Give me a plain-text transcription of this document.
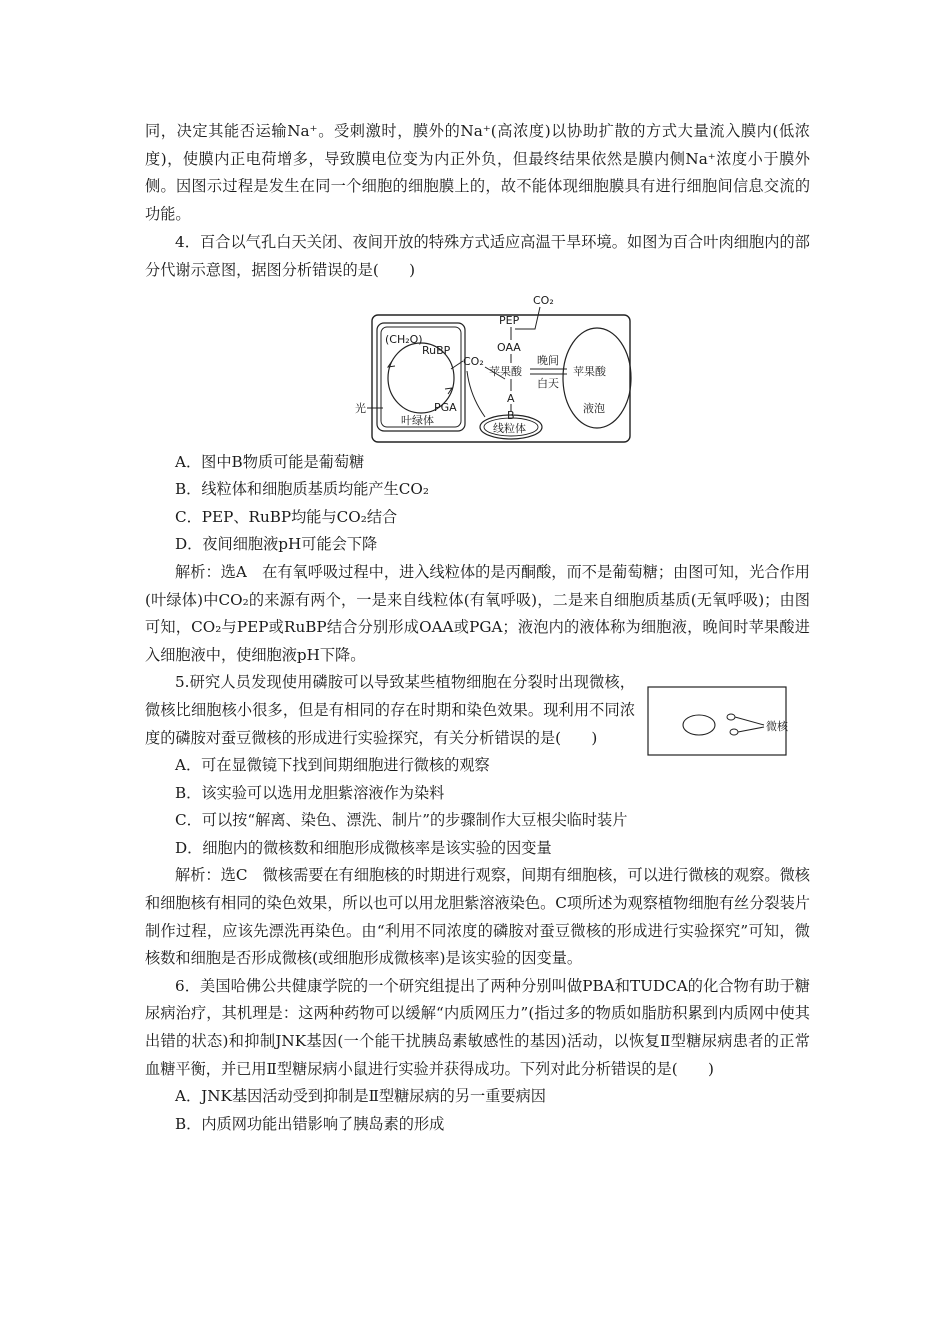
同，决定其能否运输Na⁺。受刺激时，膜外的Na⁺(高浓度)以协助扩散的方式大量流入膜内(低浓度)，使膜内正电荷增多，导致膜电位变为内正外负，但最终结果依然是膜内侧Na⁺浓度小于膜外侧。因图示过程是发生在同一个细胞的细胞膜上的，故不能体现细胞膜具有进行细胞间信息交流的功能。

4．百合以气孔白天关闭、夜间开放的特殊方式适应高温干旱环境。如图为百合叶肉细胞内的部分代谢示意图，据图分析错误的是(　　)

(CH₂O)
RuBP
PGA
叶绿体
光
CO₂
CO₂
PEP
OAA
苹果酸
晚间
白天
苹果酸
液泡
A
B
线粒体

A．图中B物质可能是葡萄糖

B．线粒体和细胞质基质均能产生CO₂

C．PEP、RuBP均能与CO₂结合

D．夜间细胞液pH可能会下降

解析：选A　在有氧呼吸过程中，进入线粒体的是丙酮酸，而不是葡萄糖；由图可知，光合作用(叶绿体)中CO₂的来源有两个，一是来自线粒体(有氧呼吸)，二是来自细胞质基质(无氧呼吸)；由图可知，CO₂与PEP或RuBP结合分别形成OAA或PGA；液泡内的液体称为细胞液，晚间时苹果酸进入细胞液中，使细胞液pH下降。

5.研究人员发现使用磷胺可以导致某些植物细胞在分裂时出现微核，微核比细胞核小很多，但是有相同的存在时期和染色效果。现利用不同浓度的磷胺对蚕豆微核的形成进行实验探究，有关分析错误的是(　　)

微核

A．可在显微镜下找到间期细胞进行微核的观察

B．该实验可以选用龙胆紫溶液作为染料

C．可以按“解离、染色、漂洗、制片”的步骤制作大豆根尖临时装片

D．细胞内的微核数和细胞形成微核率是该实验的因变量

解析：选C　微核需要在有细胞核的时期进行观察，间期有细胞核，可以进行微核的观察。微核和细胞核有相同的染色效果，所以也可以用龙胆紫溶液染色。C项所述为观察植物细胞有丝分裂装片制作过程，应该先漂洗再染色。由“利用不同浓度的磷胺对蚕豆微核的形成进行实验探究”可知，微核数和细胞是否形成微核(或细胞形成微核率)是该实验的因变量。

6．美国哈佛公共健康学院的一个研究组提出了两种分别叫做PBA和TUDCA的化合物有助于糖尿病治疗，其机理是：这两种药物可以缓解“内质网压力”(指过多的物质如脂肪积累到内质网中使其出错的状态)和抑制JNK基因(一个能干扰胰岛素敏感性的基因)活动，以恢复Ⅱ型糖尿病患者的正常血糖平衡，并已用Ⅱ型糖尿病小鼠进行实验并获得成功。下列对此分析错误的是(　　)

A．JNK基因活动受到抑制是Ⅱ型糖尿病的另一重要病因

B．内质网功能出错影响了胰岛素的形成
